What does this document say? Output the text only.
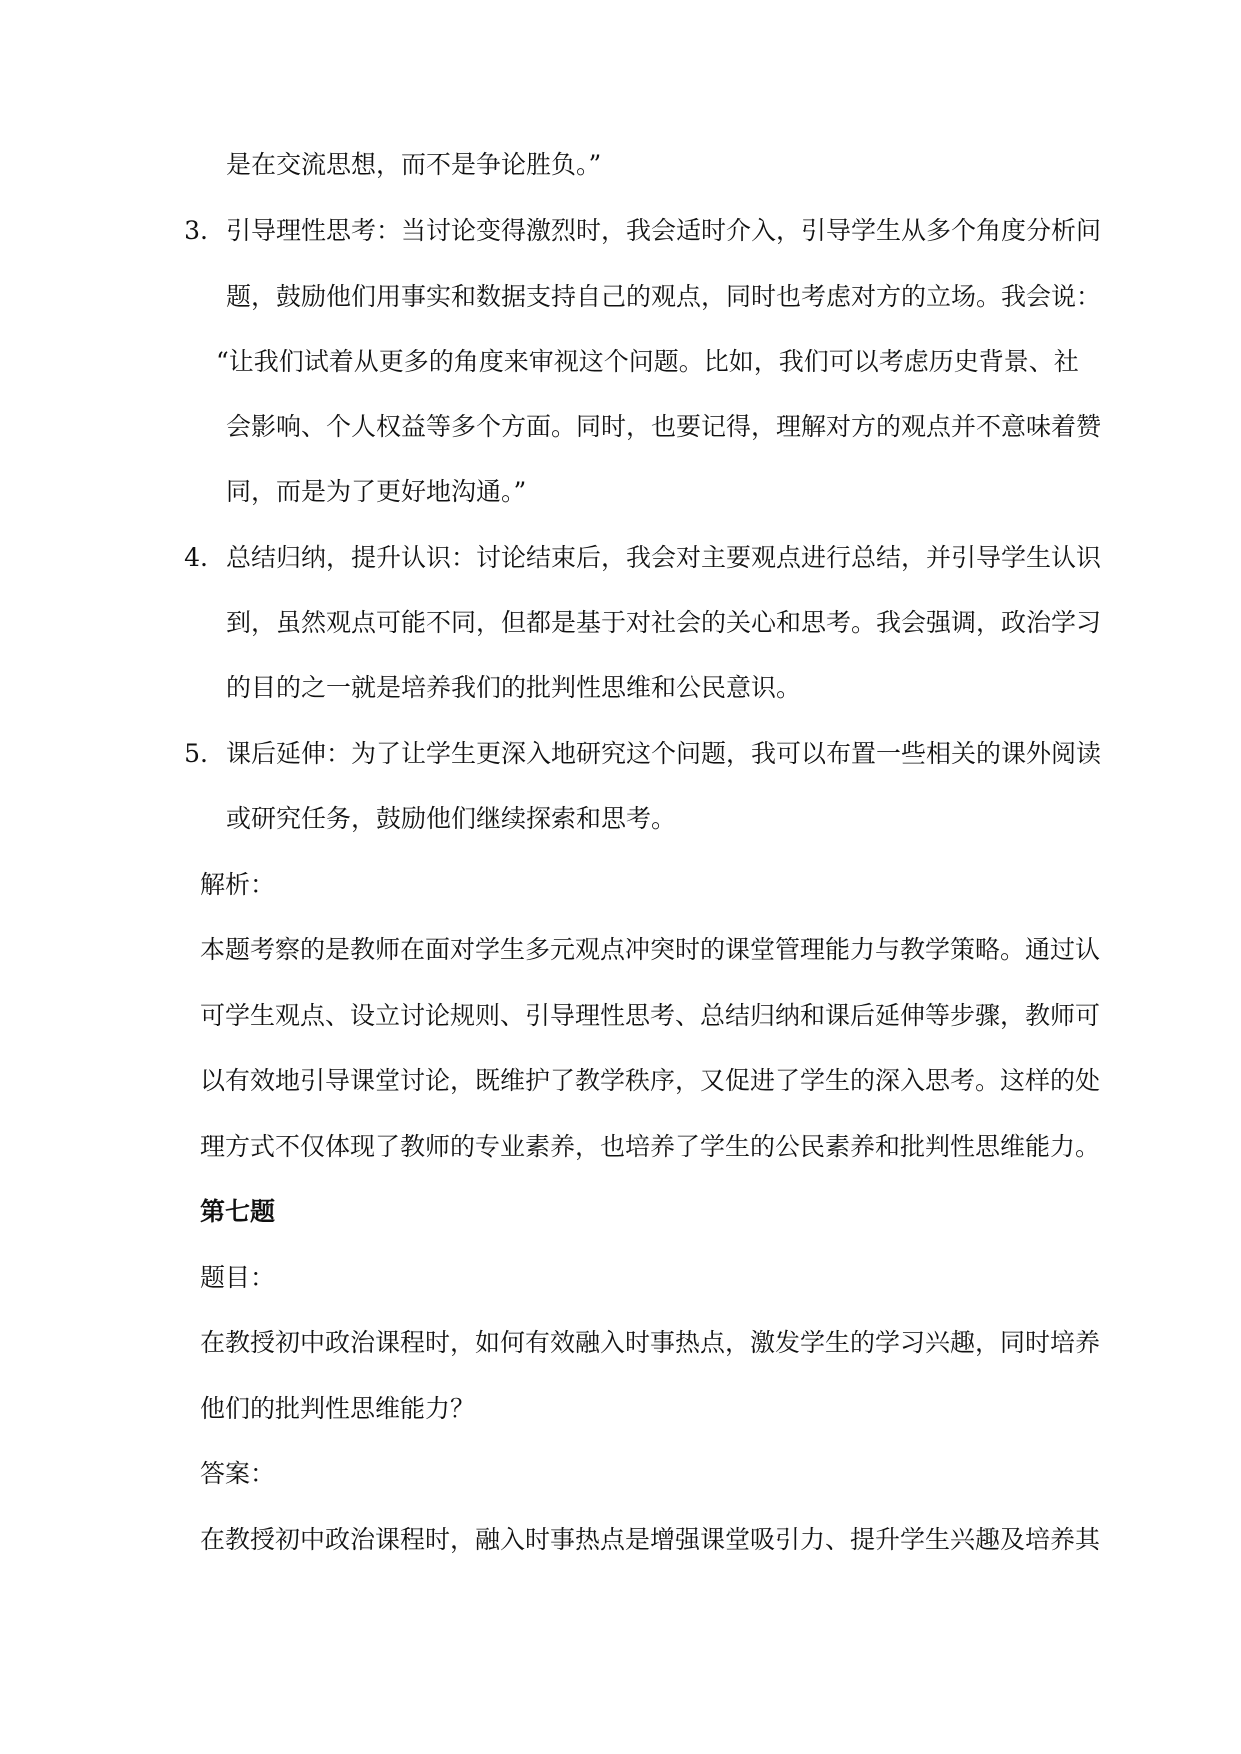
是在交流思想，而不是争论胜负。”
3. 引导理性思考：当讨论变得激烈时，我会适时介入，引导学生从多个角度分析问
题，鼓励他们用事实和数据支持自己的观点，同时也考虑对方的立场。我会说：
“让我们试着从更多的角度来审视这个问题。比如，我们可以考虑历史背景、社
会影响、个人权益等多个方面。同时，也要记得，理解对方的观点并不意味着赞
同，而是为了更好地沟通。”
4. 总结归纳，提升认识：讨论结束后，我会对主要观点进行总结，并引导学生认识
到，虽然观点可能不同，但都是基于对社会的关心和思考。我会强调，政治学习
的目的之一就是培养我们的批判性思维和公民意识。
5. 课后延伸：为了让学生更深入地研究这个问题，我可以布置一些相关的课外阅读
或研究任务，鼓励他们继续探索和思考。
解析：
本题考察的是教师在面对学生多元观点冲突时的课堂管理能力与教学策略。通过认
可学生观点、设立讨论规则、引导理性思考、总结归纳和课后延伸等步骤，教师可
以有效地引导课堂讨论，既维护了教学秩序，又促进了学生的深入思考。这样的处
理方式不仅体现了教师的专业素养，也培养了学生的公民素养和批判性思维能力。
第七题
题目：
在教授初中政治课程时，如何有效融入时事热点，激发学生的学习兴趣，同时培养
他们的批判性思维能力？
答案：
在教授初中政治课程时，融入时事热点是增强课堂吸引力、提升学生兴趣及培养其
